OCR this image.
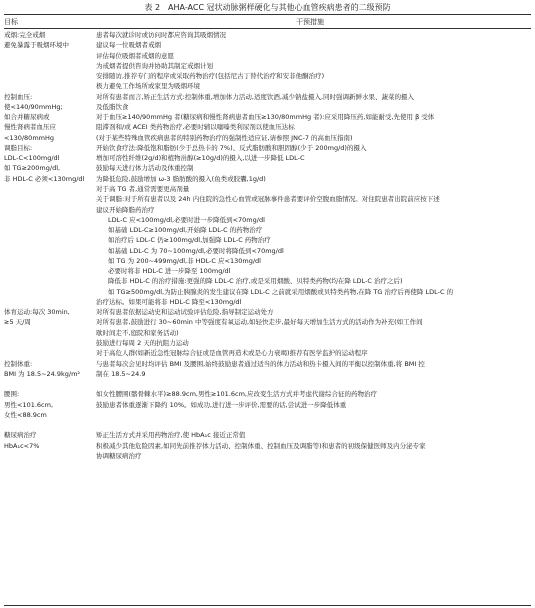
表 2　AHA-ACC 冠状动脉粥样硬化与其他心血管疾病患者的二级预防
目标	干预措施
戒烟:完全戒烟
避免暴露于吸烟环境中
控制血压:
使<140/90mmHg;
如合并糖尿病或
慢性肾病者血压应
<130/80mmHg
调脂目标:
LDL-C<100mg/dl
如 TG≥200mg/dl,
非 HDL-C 必须<130mg/dl
体育运动:每次 30min,
≥5 天/周
控制体重:
BMI 为 18.5~24.9kg/m²
腰围:
男性<101.6cm,
女性<88.9cm
糖尿病治疗
HbA₁c<7%
患者每次就诊时或访问时都应咨询其吸烟情况
建议每一位吸烟者戒烟
评估每位吸烟者戒烟的意愿
为戒烟者提供咨询并协助其制定戒烟计划
安排随访,推荐专门的程序或采取药物治疗(包括尼古丁替代治疗和安非他酮治疗)
极力避免工作场所或家里为吸烟环境
对所有患者而言,矫正生活方式:控制体重,增加体力活动,适度饮酒,减少钠盐摄入,同时强调新鲜水果、蔬菜的摄入
及低脂饮食
对于血压≥140/90mmHg 者(糖尿病和慢性肾病患者血压≥130/80mmHg 者):应采用降压药,如能耐受,先使用 β 受体
阻滞剂和/或 ACEI 类药物治疗,必要时辅以噻嗪类利尿剂以使血压达标
(对于某些特殊血管疾病患者的特别药物治疗的强制性适应证,请参照 JNC-7 的高血压指南)
开始饮食疗法:降低饱和脂肪(少于总热卡的 7%)、反式脂肪酸和胆固醇(少于 200mg/d)的摄入
增加可溶性纤维(2g/d)和植物甾醇(≥10g/d)的摄入,以进一步降低 LDL-C
鼓励每天进行体力活动及体重控制
为降低危险,鼓励增加 ω-3 脂肪酸的摄入(鱼类或胶囊,1g/d)
对于高 TG 者,通常需要更高剂量
关于调脂:对于所有患者以及 24h 内住院的急性心血管或冠脉事件患者要评价空腹血脂情况。对住院患者出院前应按下述
建议开始降脂药治疗
LDL-C 应<100mg/dl,必要时进一步降低到<70mg/dl
如基础 LDL-C≥100mg/dl,开始降 LDL-C 的药物治疗
如治疗后 LDL-C 仍≥100mg/dl,加强降 LDL-C 药物治疗
如基础 LDL-C 为 70~100mg/dl,必要时将降低到<70mg/dl
如 TG 为 200~499mg/dl,非 HDL-C 应<130mg/dl
必要时将非 HDL-C 进一步降至 100mg/dl
降低非 HDL-C 的治疗措施:更强的降 LDL-C 治疗,或是采用烟酸、贝特类药物(均在降 LDL-C 治疗之后)
如 TG≥500mg/dl,为防止胰腺炎的发生建议在降 LDL-C 之前就采用烟酸或贝特类药物,在降 TG 治疗后再使降 LDL-C 的
治疗达标。如果可能将非 HDL-C 降至<130mg/dl
对所有患者依据运动史和运动试验评估危险,指导制定运动处方
对所有患者,鼓励进行 30~60min 中等强度有氧运动,如轻快走步,最好每天增加生活方式的活动作为补充(如工作间
歇时间走不,庭院和家务活动)
鼓励进行每周 2 天的抗阻力运动
对于高危人群(如新近急性冠脉综合征或是血管再造术或是心力衰竭)推荐有医学监护的运动程序
与患者每次会见时均评估 BMI 及腰围,始终鼓励患者通过适当的体力活动和热卡摄入间的平衡以控制体重,将 BMI 控
制在 18.5~24.9
如女性腰围(髂骨棘水平)≥88.9cm,男性≥101.6cm,应改变生活方式并考虑代谢综合征的药物治疗
鼓励患者体重逐渐下降约 10%。如成功,进行进一步评价,需要的话,尝试进一步降低体重
矫正生活方式并采用药物治疗,使 HbA₁c 接近正常值
积极减少其他危险因素,如同先前推荐体力活动、控制体重、控制血压及调脂等)和患者的初级保健医师及内分泌专家
协调糖尿病治疗
